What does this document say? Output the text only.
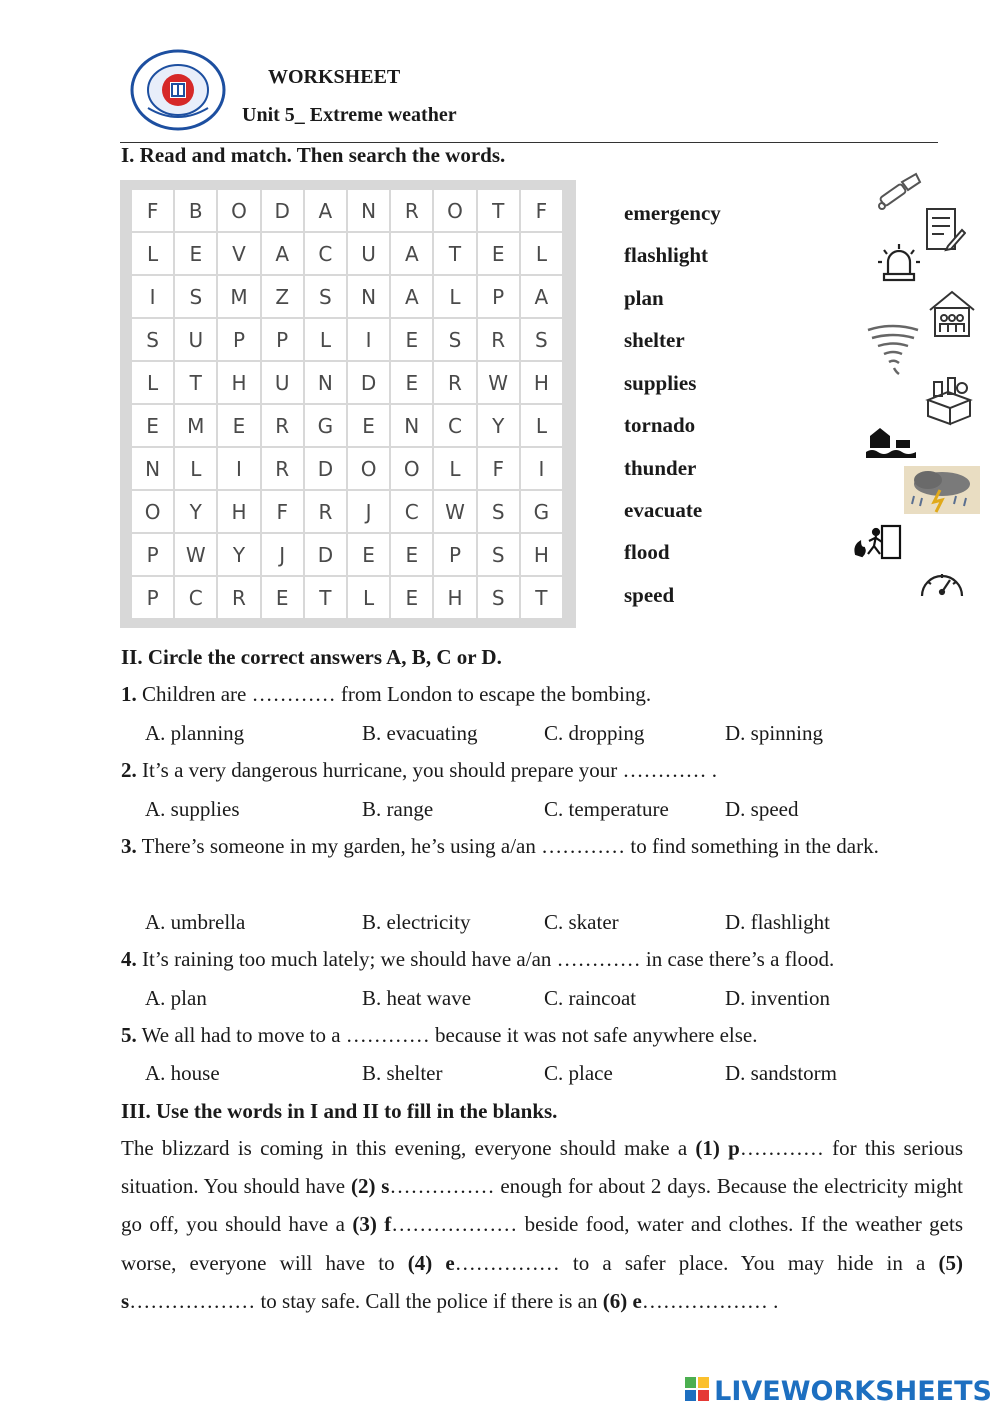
WORKSHEET
Unit 5_ Extreme weather
I. Read and match. Then search the words.
F	B	O	D	A	N	R	O	T	F
L	E	V	A	C	U	A	T	E	L
I	S	M	Z	S	N	A	L	P	A
S	U	P	P	L	I	E	S	R	S
L	T	H	U	N	D	E	R	W	H
E	M	E	R	G	E	N	C	Y	L
N	L	I	R	D	O	O	L	F	I
O	Y	H	F	R	J	C	W	S	G
P	W	Y	J	D	E	E	P	S	H
P	C	R	E	T	L	E	H	S	T
emergency
flashlight
plan
shelter
supplies
tornado
thunder
evacuate
flood
speed
II. Circle the correct answers A, B, C or D.
1. Children are ………… from London to escape the bombing.
A. planning	B. evacuating	C. dropping	D. spinning
2. It’s a very dangerous hurricane, you should prepare your ………… .
A. supplies	B. range	C. temperature	D. speed
3. There’s someone in my garden, he’s using a/an ………… to find something in the dark.
A. umbrella	B. electricity	C. skater	D. flashlight
4. It’s raining too much lately; we should have a/an ………… in case there’s a flood.
A. plan	B. heat wave	C. raincoat	D. invention
5. We all had to move to a ………… because it was not safe anywhere else.
A. house	B. shelter	C. place	D. sandstorm
III. Use the words in I and II to fill in the blanks.
The blizzard is coming in this evening, everyone should make a (1) p………… for this serious situation. You should have (2) s…………… enough for about 2 days. Because the electricity might go off, you should have a (3) f……………… beside food, water and clothes. If the weather gets worse, everyone will have to (4) e…………… to a safer place. You may hide in a (5) s……………… to stay safe. Call the police if there is an (6) e……………… .
LIVEWORKSHEETS
